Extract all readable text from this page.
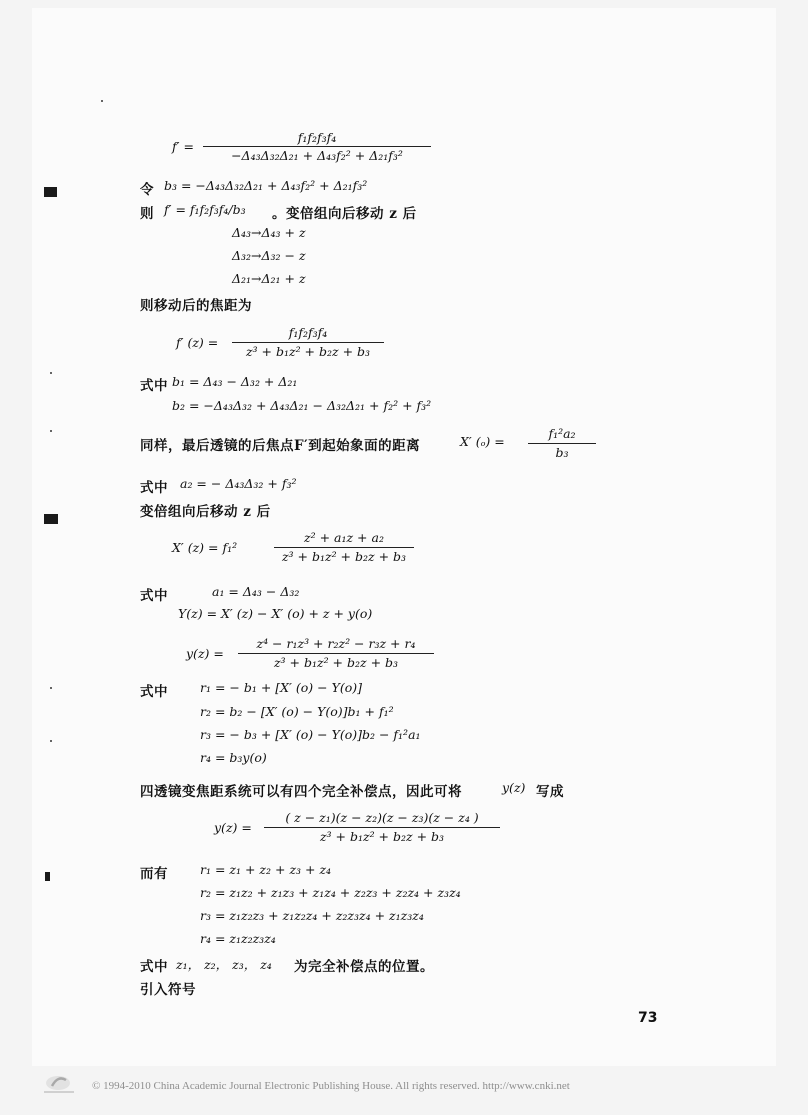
f′ =
f₁f₂f₃f₄
−Δ₄₃Δ₃₂Δ₂₁ + Δ₄₃f₂² + Δ₂₁f₃²
令 b₃ = −Δ₄₃Δ₃₂Δ₂₁ + Δ₄₃f₂² + Δ₂₁f₃²
则 f′ = f₁f₂f₃f₄/b₃ 。变倍组向后移动 z 后
Δ₄₃→Δ₄₃ + z
Δ₃₂→Δ₃₂ − z
Δ₂₁→Δ₂₁ + z
则移动后的焦距为
f′ (z) =
f₁f₂f₃f₄
z³ + b₁z² + b₂z + b₃
式中 b₁ = Δ₄₃ − Δ₃₂ + Δ₂₁
b₂ = −Δ₄₃Δ₃₂ + Δ₄₃Δ₂₁ − Δ₃₂Δ₂₁ + f₂² + f₃²
同样，最后透镜的后焦点F′到起始象面的距离	X′ (ₒ) =
f₁²a₂
b₃
式中 a₂ = − Δ₄₃Δ₃₂ + f₃²
变倍组向后移动 z 后
X′ (z) = f₁²
z² + a₁z + a₂
z³ + b₁z² + b₂z + b₃
式中	a₁ = Δ₄₃ − Δ₃₂
Y(z) = X′ (z) − X′ (o) + z + y(o)
y(z) =
z⁴ − r₁z³ + r₂z² − r₃z + r₄
z³ + b₁z² + b₂z + b₃
式中	r₁ = − b₁ + [X′ (o) − Y(o)]
r₂ = b₂ − [X′ (o) − Y(o)]b₁ + f₁²
r₃ = − b₃ + [X′ (o) − Y(o)]b₂ − f₁²a₁
r₄ = b₃y(o)
四透镜变焦距系统可以有四个完全补偿点，因此可将	y(z) 写成
y(z) =
( z − z₁)(z − z₂)(z − z₃)(z − z₄ )
z³ + b₁z² + b₂z + b₃
而有	r₁ = z₁ + z₂ + z₃ + z₄
r₂ = z₁z₂ + z₁z₃ + z₁z₄ + z₂z₃ + z₂z₄ + z₃z₄
r₃ = z₁z₂z₃ + z₁z₂z₄ + z₂z₃z₄ + z₁z₃z₄
r₄ = z₁z₂z₃z₄
式中 z₁， z₂， z₃， z₄ 为完全补偿点的位置。
引入符号
73
© 1994-2010 China Academic Journal Electronic Publishing House. All rights reserved. http://www.cnki.net
